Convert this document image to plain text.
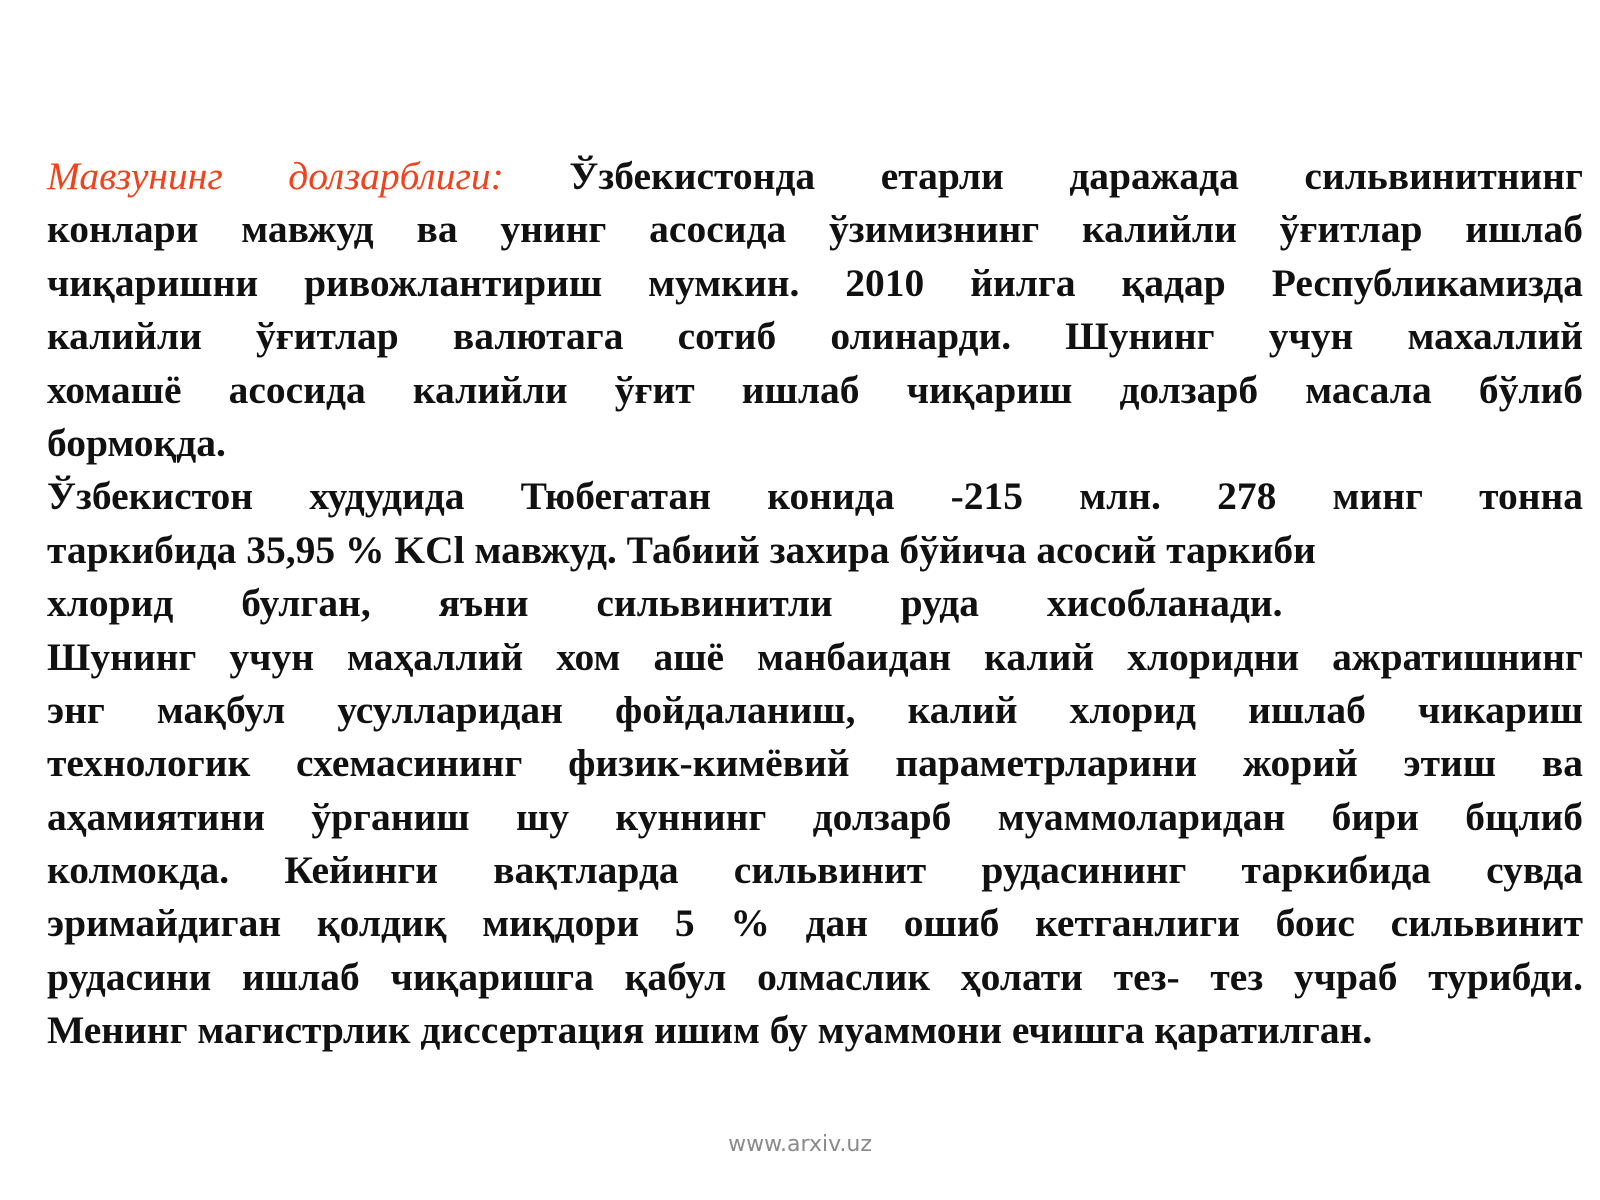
Мавзунинг долзарблиги: Ўзбекистонда етарли даражада сильвинитнинг
конлари мавжуд ва унинг асосида ўзимизнинг калийли ўғитлар ишлаб
чиқаришни ривожлантириш мумкин. 2010 йилга қадар Республикамизда
калийли ўғитлар валютага сотиб олинарди. Шунинг учун махаллий
хомашё асосида калийли ўғит ишлаб чиқариш долзарб масала бўлиб
бормоқда.
Ўзбекистон худудида Тюбегатан конида -215 млн. 278 минг тонна
таркибида 35,95 % KCl мавжуд. Табиий захира бўйича асосий таркиби
хлорид булган, яъни сильвинитли руда хисобланади.
Шунинг учун маҳаллий хом ашё манбаидан калий хлоридни ажратишнинг
энг мақбул усулларидан фойдаланиш, калий хлорид ишлаб чикариш
технологик схемасининг физик-кимёвий параметрларини жорий этиш ва
аҳамиятини ўрганиш шу куннинг долзарб муаммоларидан бири бщлиб
колмокда. Кейинги вақтларда сильвинит рудасининг таркибида сувда
эримайдиган қолдиқ миқдори 5 % дан ошиб кетганлиги боис сильвинит
рудасини ишлаб чиқаришга қабул олмаслик ҳолати тез- тез учраб турибди.
Менинг магистрлик диссертация ишим бу муаммони ечишга қаратилган.
www.arxiv.uz
